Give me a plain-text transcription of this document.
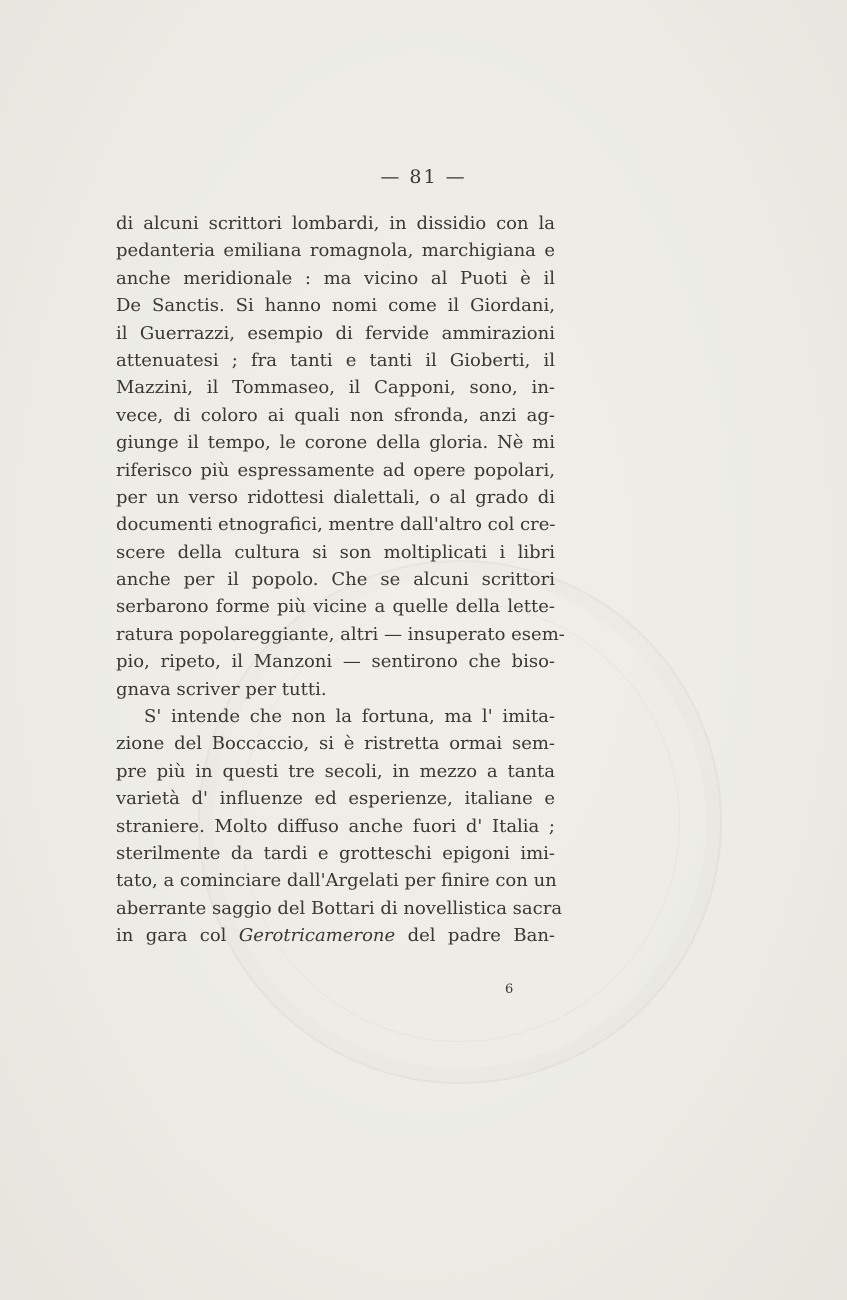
— 81 —
di alcuni scrittori lombardi, in dissidio con la
pedanteria emiliana romagnola, marchigiana e
anche meridionale : ma vicino al Puoti è il
De Sanctis. Si hanno nomi come il Giordani,
il Guerrazzi, esempio di fervide ammirazioni
attenuatesi ; fra tanti e tanti il Gioberti, il
Mazzini, il Tommaseo, il Capponi, sono, in-
vece, di coloro ai quali non sfronda, anzi ag-
giunge il tempo, le corone della gloria. Nè mi
riferisco più espressamente ad opere popolari,
per un verso ridottesi dialettali, o al grado di
documenti etnografici, mentre dall'altro col cre-
scere della cultura si son moltiplicati i libri
anche per il popolo. Che se alcuni scrittori
serbarono forme più vicine a quelle della lette-
ratura popolareggiante, altri — insuperato esem-
pio, ripeto, il Manzoni — sentirono che biso-
gnava scriver per tutti.
S' intende che non la fortuna, ma l' imita-
zione del Boccaccio, si è ristretta ormai sem-
pre più in questi tre secoli, in mezzo a tanta
varietà d' influenze ed esperienze, italiane e
straniere. Molto diffuso anche fuori d' Italia ;
sterilmente da tardi e grotteschi epigoni imi-
tato, a cominciare dall'Argelati per finire con un
aberrante saggio del Bottari di novellistica sacra
in gara col Gerotricamerone del padre Ban-
6
